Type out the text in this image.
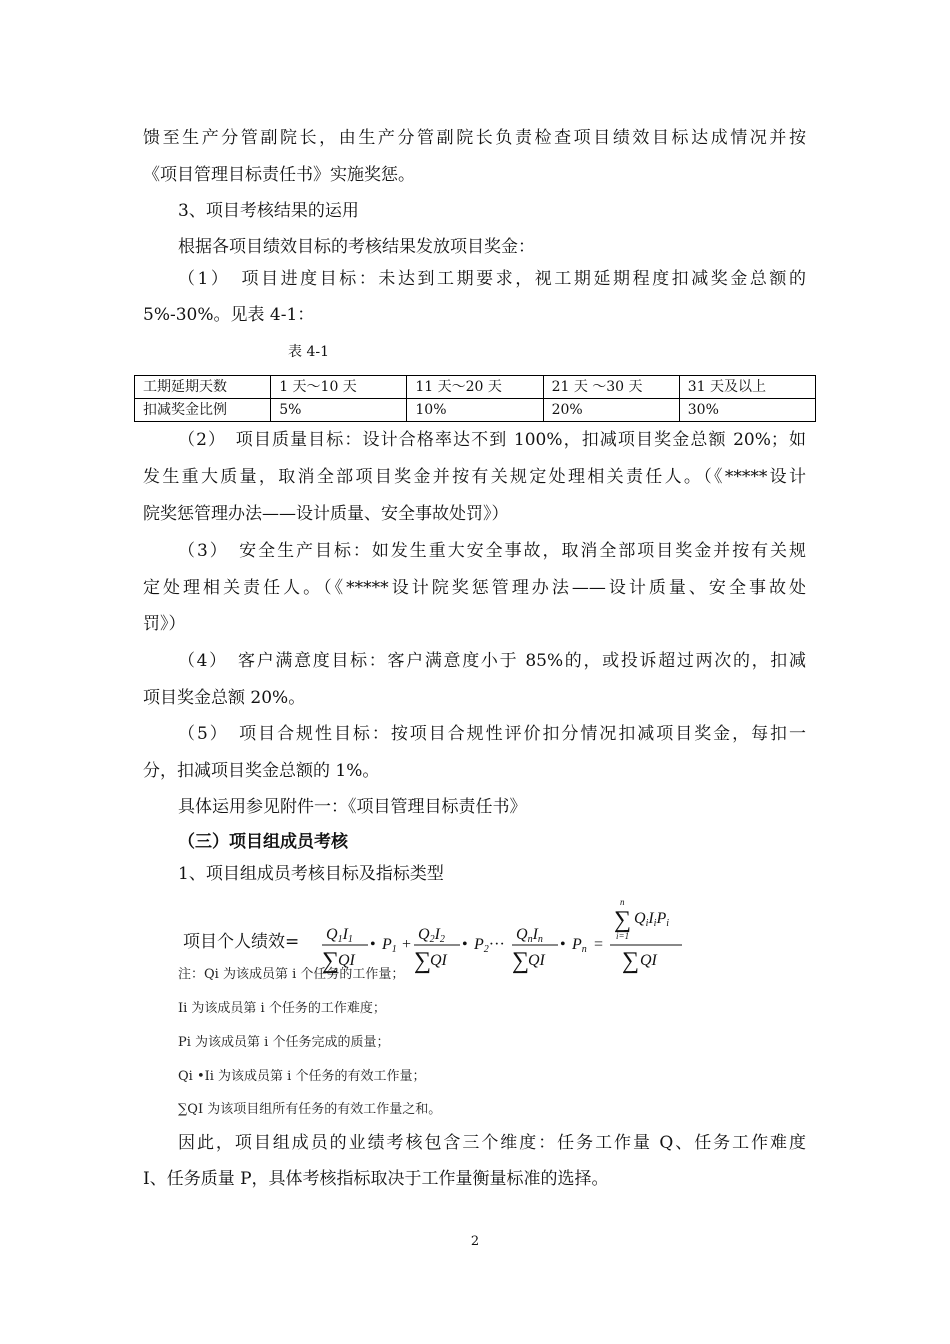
馈至生产分管副院长，由生产分管副院长负责检查项目绩效目标达成情况并按
《项目管理目标责任书》实施奖惩。
3、项目考核结果的运用
根据各项目绩效目标的考核结果发放项目奖金：
（1）　项目进度目标：未达到工期要求，视工期延期程度扣减奖金总额的
5%-30%。见表 4-1：
表 4-1
工期延期天数	1 天～10 天	11 天～20 天	21 天 ～30 天	31 天及以上
扣减奖金比例	5%	10%	20%	30%
（2）　项目质量目标：设计合格率达不到 100%，扣减项目奖金总额 20%；如
发生重大质量，取消全部项目奖金并按有关规定处理相关责任人。（《*****设计
院奖惩管理办法——设计质量、安全事故处罚》）
（3）　安全生产目标：如发生重大安全事故，取消全部项目奖金并按有关规
定处理相关责任人。（《*****设计院奖惩管理办法——设计质量、安全事故处
罚》）
（4）　客户满意度目标：客户满意度小于 85%的，或投诉超过两次的，扣减
项目奖金总额 20%。
（5）　项目合规性目标：按项目合规性评价扣分情况扣减项目奖金，每扣一
分，扣减项目奖金总额的 1%。
具体运用参见附件一：《项目管理目标责任书》
（三）项目组成员考核
1、项目组成员考核目标及指标类型
项目个人绩效= Q1I1
∑
QI
• P1 +
Q2I2
∑
QI
• P2···
QnIn
∑
QI
• Pn =
n
∑
i=1
QiIiPi
∑ QI
注：Qi 为该成员第 i 个任务的工作量；
Ii 为该成员第 i 个任务的工作难度；
Pi 为该成员第 i 个任务完成的质量；
Qi •Ii 为该成员第 i 个任务的有效工作量；
∑QI 为该项目组所有任务的有效工作量之和。
因此，项目组成员的业绩考核包含三个维度：任务工作量 Q、任务工作难度
I、任务质量 P，具体考核指标取决于工作量衡量标准的选择。
2
